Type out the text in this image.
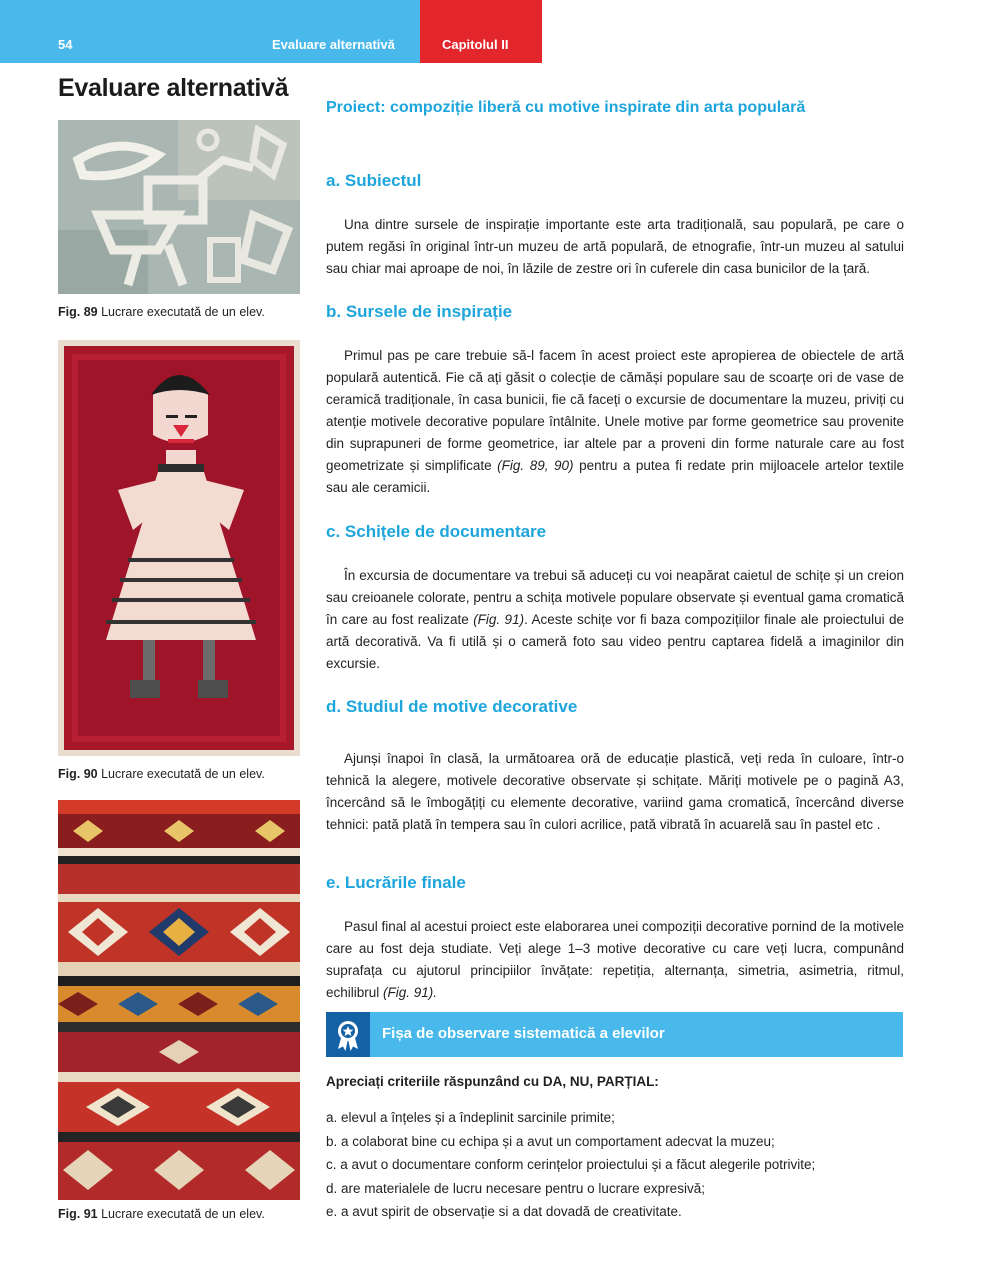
54	Evaluare alternativă	Capitolul II
Evaluare alternativă
Proiect: compoziție liberă cu motive inspirate din arta populară
Fig. 89 Lucrare executată de un elev.
Fig. 90 Lucrare executată de un elev.
Fig. 91 Lucrare executată de un elev.
a. Subiectul
Una dintre sursele de inspirație importante este arta tradițională, sau populară, pe care o putem regăsi în original într-un muzeu de artă populară, de etnografie, într-un muzeu al satului sau chiar mai aproape de noi, în lăzile de zestre ori în cuferele din casa bunicilor de la țară.
b. Sursele de inspirație
Primul pas pe care trebuie să-l facem în acest proiect este apropierea de obiectele de artă populară autentică. Fie că ați găsit o colecție de cămăși populare sau de scoarțe ori de vase de ceramică tradiționale, în casa bunicii, fie că faceți o excursie de documentare la muzeu, priviți cu atenție motivele decorative populare întâlnite. Unele motive par forme geometrice sau provenite din suprapuneri de forme geometrice, iar altele par a proveni din forme naturale care au fost geometrizate și simplificate (Fig. 89, 90) pentru a putea fi redate prin mijloacele artelor textile sau ale ceramicii.
c. Schițele de documentare
În excursia de documentare va trebui să aduceți cu voi neapărat caietul de schițe și un creion sau creioanele colorate, pentru a schița motivele populare observate și eventual gama cromatică în care au fost realizate (Fig. 91). Aceste schițe vor fi baza compozițiilor finale ale proiectului de artă decorativă. Va fi utilă și o cameră foto sau video pentru captarea fidelă a imaginilor din excursie.
d. Studiul de motive decorative
Ajunși înapoi în clasă, la următoarea oră de educație plastică, veți reda în culoare, într-o tehnică la alegere, motivele decorative observate și schițate. Măriți motivele pe o pagină A3, încercând să le îmbogățiți cu elemente decorative, variind gama cromatică, încercând diverse tehnici: pată plată în tempera sau în culori acrilice, pată vibrată în acuarelă sau în pastel etc .
e. Lucrările finale
Pasul final al acestui proiect este elaborarea unei compoziții decorative pornind de la motivele care au fost deja studiate. Veți alege 1–3 motive decorative cu care veți lucra, compunând suprafața cu ajutorul principiilor învățate: repetiția, alternanța, simetria, asimetria, ritmul, echilibrul (Fig. 91).
Fișa de observare sistematică a elevilor
Apreciați criteriile răspunzând cu DA, NU, PARȚIAL:
a. elevul a înțeles și a îndeplinit sarcinile primite;
b. a colaborat bine cu echipa și a avut un comportament adecvat la muzeu;
c. a avut o documentare conform cerințelor proiectului și a făcut alegerile potrivite;
d. are materialele de lucru necesare pentru o lucrare expresivă;
e. a avut spirit de observație si a dat dovadă de creativitate.
